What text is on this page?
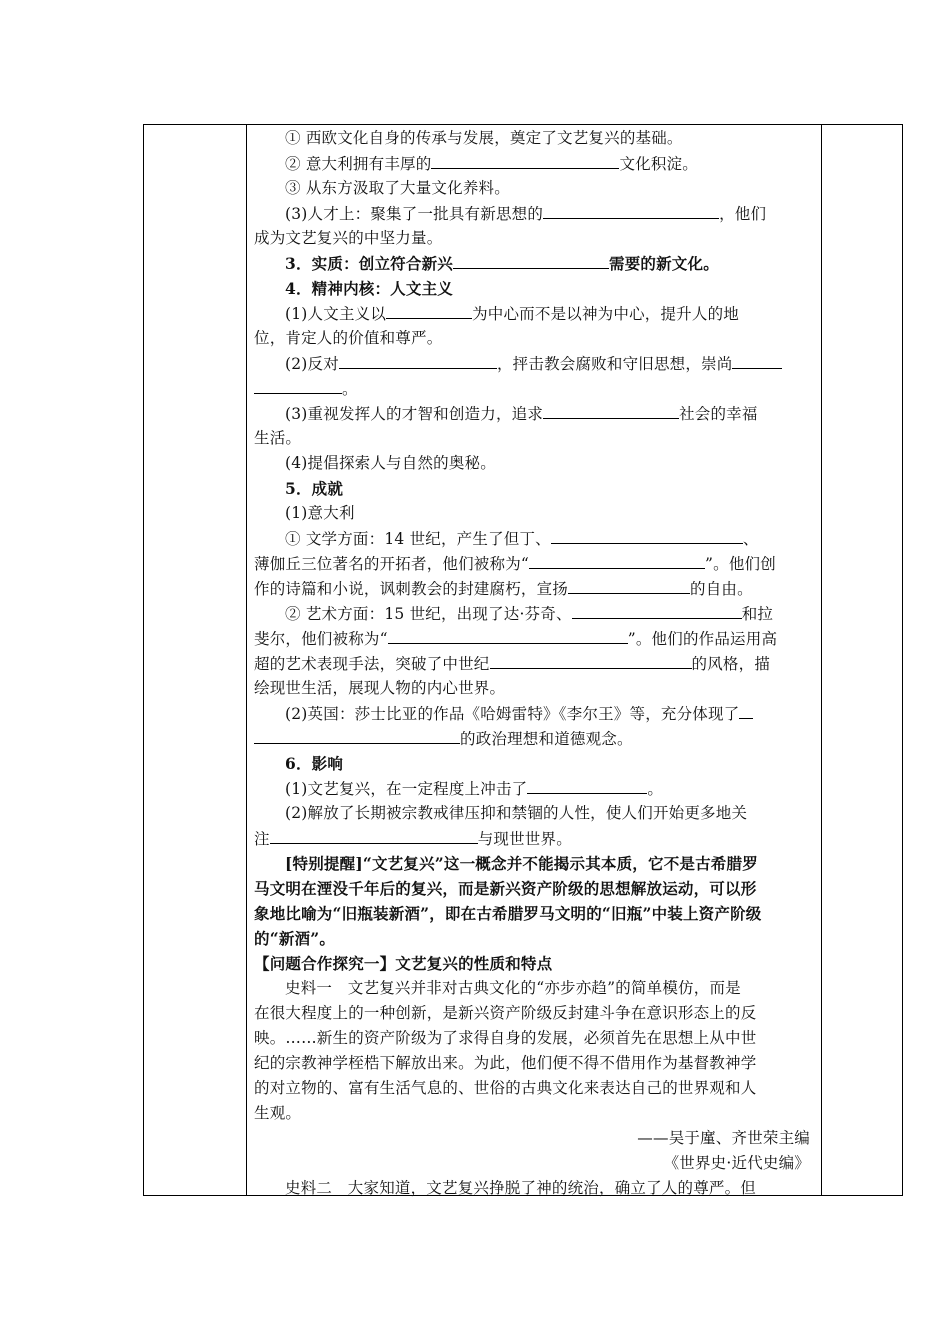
① 西欧文化自身的传承与发展，奠定了文艺复兴的基础。
② 意大利拥有丰厚的	文化积淀。
③ 从东方汲取了大量文化养料。
(3)人才上：聚集了一批具有新思想的	，他们
成为文艺复兴的中坚力量。
3．实质：创立符合新兴	需要的新文化。
4．精神内核：人文主义
(1)人文主义以	为中心而不是以神为中心，提升人的地
位，肯定人的价值和尊严。
(2)反对	，抨击教会腐败和守旧思想，崇尚
。
(3)重视发挥人的才智和创造力，追求	社会的幸福
生活。
(4)提倡探索人与自然的奥秘。
5．成就
(1)意大利
① 文学方面：14 世纪，产生了但丁、	、
薄伽丘三位著名的开拓者，他们被称为“	”。他们创
作的诗篇和小说，讽刺教会的封建腐朽，宣扬	的自由。
② 艺术方面：15 世纪，出现了达·芬奇、	和拉
斐尔，他们被称为“	”。他们的作品运用高
超的艺术表现手法，突破了中世纪	的风格，描
绘现世生活，展现人物的内心世界。
(2)英国：莎士比亚的作品《哈姆雷特》《李尔王》等，充分体现了
的政治理想和道德观念。
6．影响
(1)文艺复兴，在一定程度上冲击了	。
(2)解放了长期被宗教戒律压抑和禁锢的人性，使人们开始更多地关
注	与现世世界。
[特别提醒]“文艺复兴”这一概念并不能揭示其本质，它不是古希腊罗
马文明在湮没千年后的复兴，而是新兴资产阶级的思想解放运动，可以形
象地比喻为“旧瓶装新酒”，即在古希腊罗马文明的“旧瓶”中装上资产阶级
的“新酒”。
【问题合作探究一】文艺复兴的性质和特点
史料一　文艺复兴并非对古典文化的“亦步亦趋”的简单模仿，而是
在很大程度上的一种创新，是新兴资产阶级反封建斗争在意识形态上的反
映。……新生的资产阶级为了求得自身的发展，必须首先在思想上从中世
纪的宗教神学桎梏下解放出来。为此，他们便不得不借用作为基督教神学
的对立物的、富有生活气息的、世俗的古典文化来表达自己的世界观和人
生观。
——吴于廑、齐世荣主编
《世界史·近代史编》
史料二　大家知道，文艺复兴挣脱了神的统治，确立了人的尊严。但
